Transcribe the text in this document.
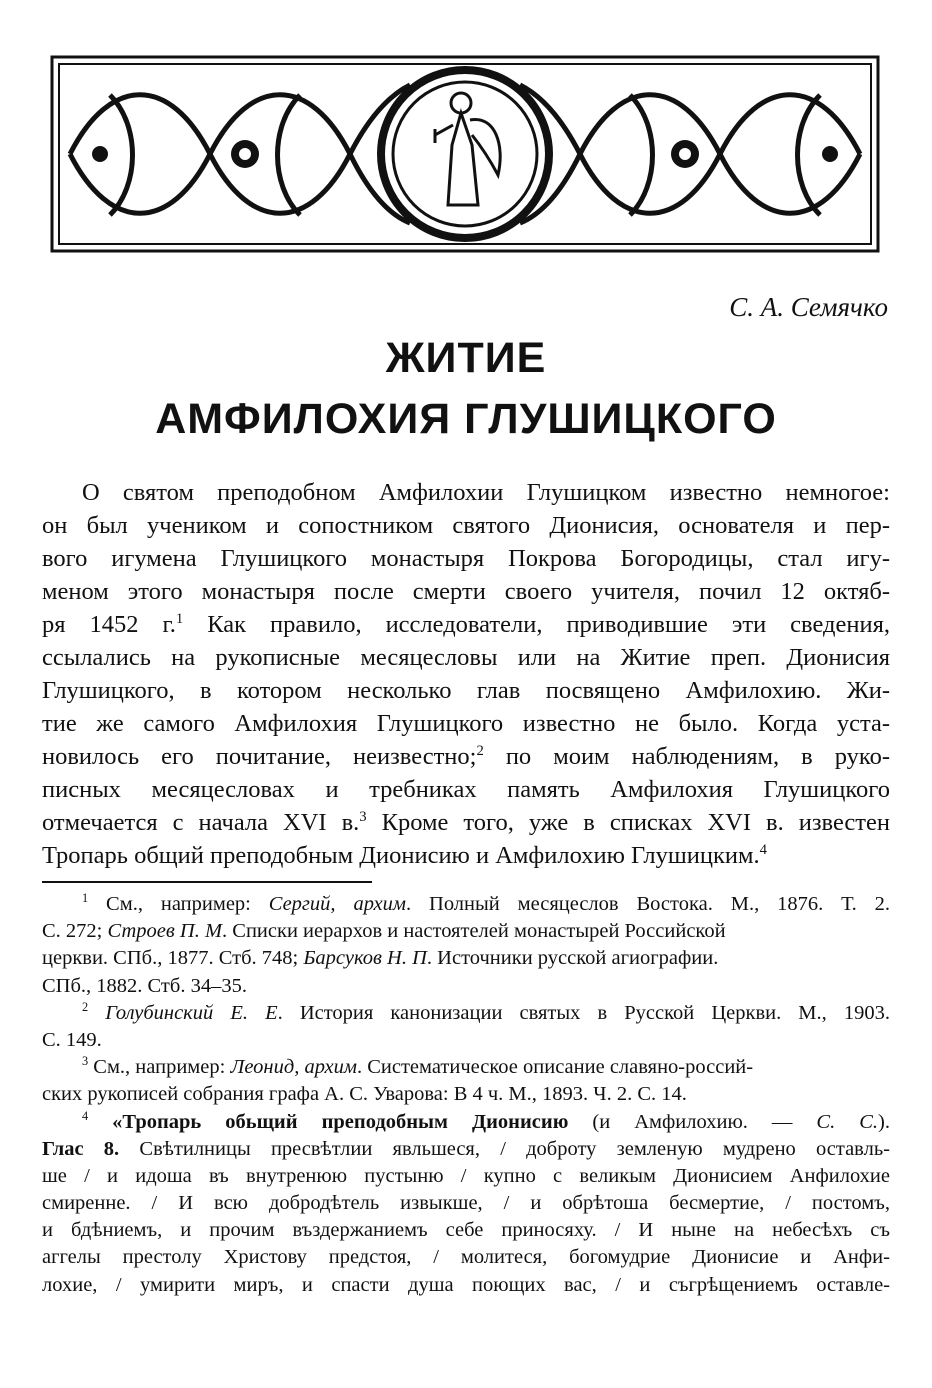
С. А. Семячко
ЖИТИЕ
АМФИЛОХИЯ ГЛУШИЦКОГО
О святом преподобном Амфилохии Глушицком известно немногое:
он был учеником и сопостником святого Дионисия, основателя и пер-
вого игумена Глушицкого монастыря Покрова Богородицы, стал игу-
меном этого монастыря после смерти своего учителя, почил 12 октяб-
ря 1452 г.$^1$ Как правило, исследователи, приводившие эти сведения,
ссылались на рукописные месяцесловы или на Житие преп. Дионисия
Глушицкого, в котором несколько глав посвящено Амфилохию. Жи-
тие же самого Амфилохия Глушицкого известно не было. Когда уста-
новилось его почитание, неизвестно;$^2$ по моим наблюдениям, в руко-
писных месяцесловах и требниках память Амфилохия Глушицкого
отмечается с начала XVI в.$^3$ Кроме того, уже в списках XVI в. известен
Тропарь общий преподобным Дионисию и Амфилохию Глушицким.$^4$
$^1$ См., например: Сергий, архим. Полный месяцеслов Востока. М., 1876. Т. 2.
С. 272; Строев П. М. Списки иерархов и настоятелей монастырей Российской
церкви. СПб., 1877. Стб. 748; Барсуков Н. П. Источники русской агиографии.
СПб., 1882. Стб. 34–35.
$^2$ Голубинский Е. Е. История канонизации святых в Русской Церкви. М., 1903.
С. 149.
$^3$ См., например: Леонид, архим. Систематическое описание славяно-россий-
ских рукописей собрания графа А. С. Уварова: В 4 ч. М., 1893. Ч. 2. С. 14.
$^4$ «Тропарь обьщий преподобным Дионисию (и Амфилохию. — С. С.).
Глас 8. Свѣтилницы пресвѣтлии явльшеся, / доброту земленую мудрено оставль-
ше / и идоша въ внутренюю пустыню / купно с великым Дионисием Анфилохие
смиренне. / И всю добродѣтель извыкше, / и обрѣтоша бесмертие, / постомъ,
и бдѣниемъ, и прочим въздержаниемъ себе приносяху. / И ныне на небесѣхъ съ
аггелы престолу Христову предстоя, / молитеся, богомудрие Дионисие и Анфи-
лохие, / умирити миръ, и спасти душа поющих вас, / и съгрѣщениемъ оставле-
